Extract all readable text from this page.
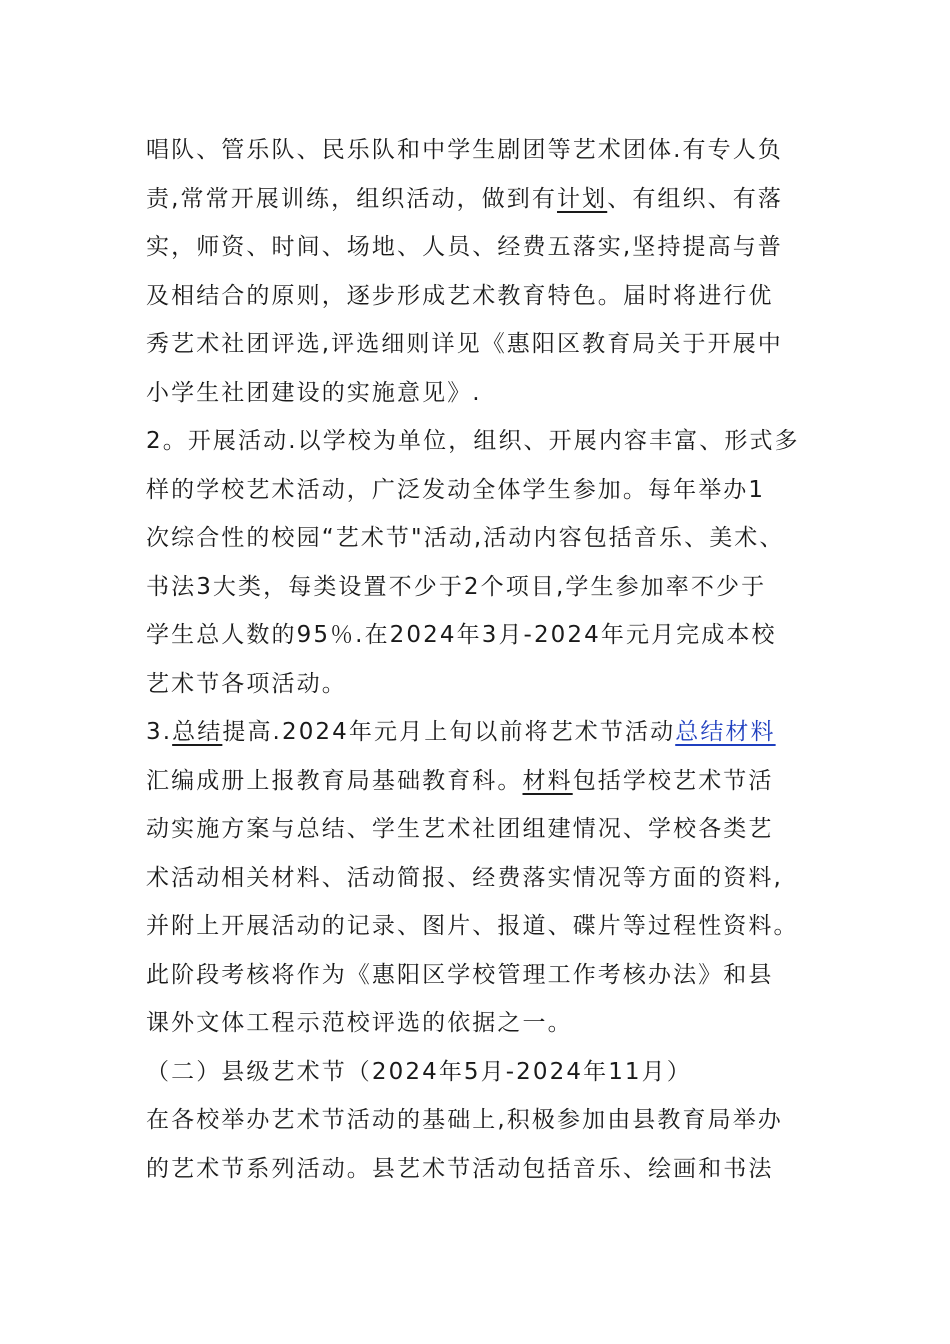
唱队、管乐队、民乐队和中学生剧团等艺术团体.有专人负
责,常常开展训练，组织活动，做到有计划、有组织、有落
实，师资、时间、场地、人员、经费五落实,坚持提高与普
及相结合的原则，逐步形成艺术教育特色。届时将进行优
秀艺术社团评选,评选细则详见《惠阳区教育局关于开展中
小学生社团建设的实施意见》.
2。开展活动.以学校为单位，组织、开展内容丰富、形式多
样的学校艺术活动，广泛发动全体学生参加。每年举办1
次综合性的校园“艺术节"活动,活动内容包括音乐、美术、
书法3大类，每类设置不少于2个项目,学生参加率不少于
学生总人数的95％.在2024年3月-2024年元月完成本校
艺术节各项活动。
3.总结提高.2024年元月上旬以前将艺术节活动总结材料
汇编成册上报教育局基础教育科。材料包括学校艺术节活
动实施方案与总结、学生艺术社团组建情况、学校各类艺
术活动相关材料、活动简报、经费落实情况等方面的资料,
并附上开展活动的记录、图片、报道、碟片等过程性资料。
此阶段考核将作为《惠阳区学校管理工作考核办法》和县
课外文体工程示范校评选的依据之一。
（二）县级艺术节（2024年5月-2024年11月）
在各校举办艺术节活动的基础上,积极参加由县教育局举办
的艺术节系列活动。县艺术节活动包括音乐、绘画和书法
